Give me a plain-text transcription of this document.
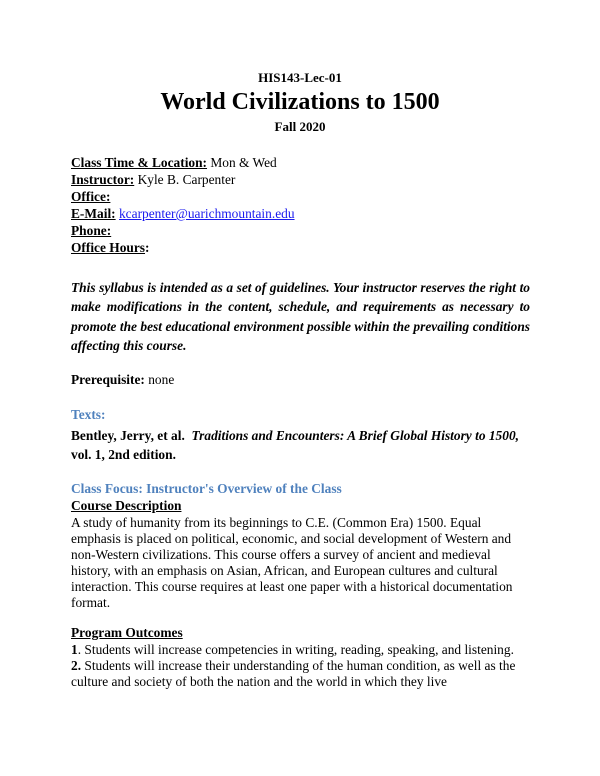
HIS143-Lec-01
World Civilizations to 1500
Fall 2020
Class Time & Location: Mon & Wed
Instructor: Kyle B. Carpenter
Office:
E-Mail: kcarpenter@uarichmountain.edu
Phone:
Office Hours:
This syllabus is intended as a set of guidelines. Your instructor reserves the right to make modifications in the content, schedule, and requirements as necessary to promote the best educational environment possible within the prevailing conditions affecting this course.
Prerequisite: none
Texts:
Bentley, Jerry, et al. Traditions and Encounters: A Brief Global History to 1500, vol. 1, 2nd edition.
Class Focus: Instructor's Overview of the Class
Course Description
A study of humanity from its beginnings to C.E. (Common Era) 1500. Equal
emphasis is placed on political, economic, and social development of Western and
non-Western civilizations. This course offers a survey of ancient and medieval
history, with an emphasis on Asian, African, and European cultures and cultural
interaction. This course requires at least one paper with a historical documentation
format.
Program Outcomes
1. Students will increase competencies in writing, reading, speaking, and listening.
2. Students will increase their understanding of the human condition, as well as the
culture and society of both the nation and the world in which they live
